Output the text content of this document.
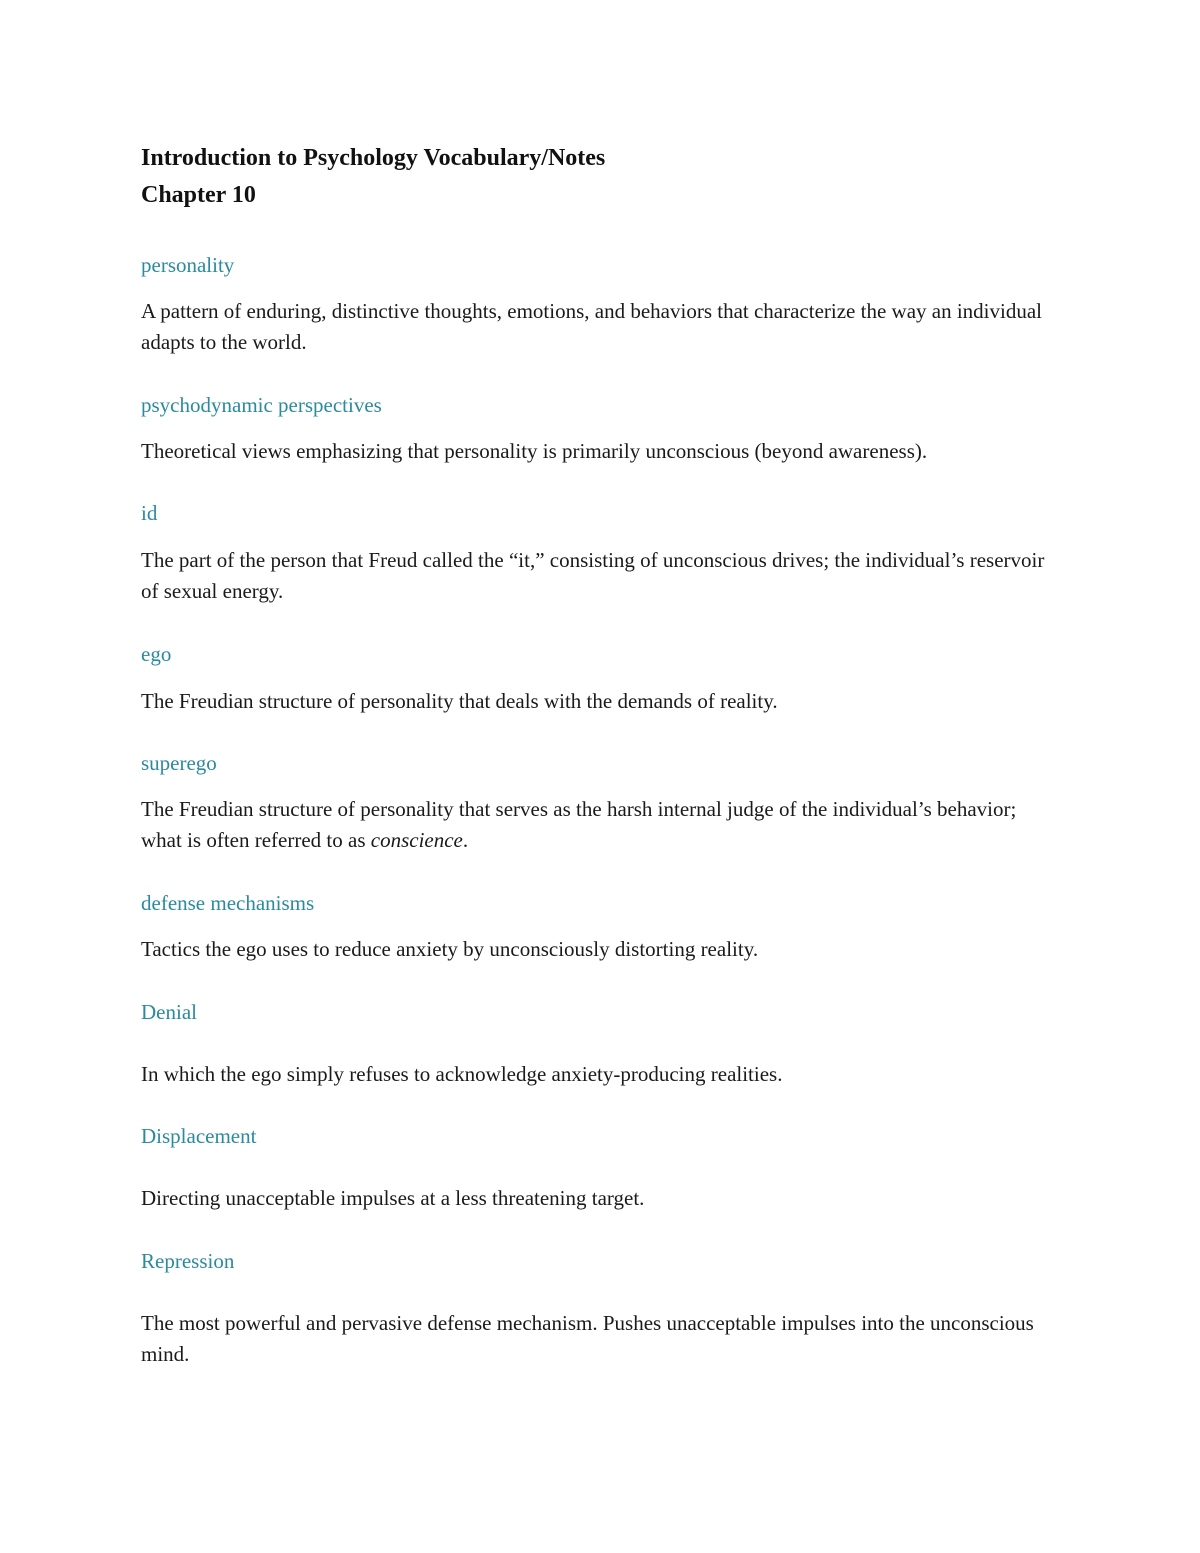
Introduction to Psychology Vocabulary/Notes
Chapter 10
personality
A pattern of enduring, distinctive thoughts, emotions, and behaviors that characterize the way an individual adapts to the world.
psychodynamic perspectives
Theoretical views emphasizing that personality is primarily unconscious (beyond awareness).
id
The part of the person that Freud called the “it,” consisting of unconscious drives; the individual’s reservoir of sexual energy.
ego
The Freudian structure of personality that deals with the demands of reality.
superego
The Freudian structure of personality that serves as the harsh internal judge of the individual’s behavior; what is often referred to as conscience.
defense mechanisms
Tactics the ego uses to reduce anxiety by unconsciously distorting reality.
Denial
In which the ego simply refuses to acknowledge anxiety-producing realities.
Displacement
Directing unacceptable impulses at a less threatening target.
Repression
The most powerful and pervasive defense mechanism. Pushes unacceptable impulses into the unconscious mind.
